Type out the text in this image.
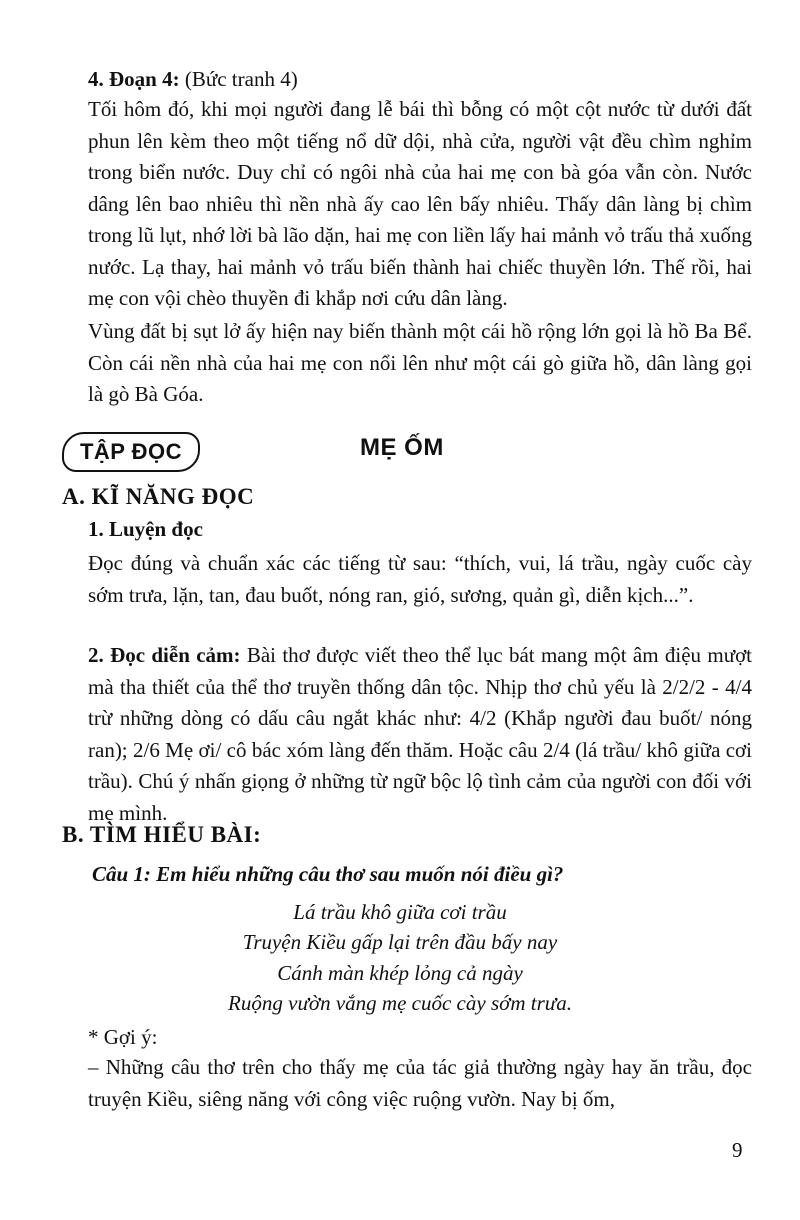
4. Đoạn 4: (Bức tranh 4)

Tối hôm đó, khi mọi người đang lễ bái thì bỗng có một cột nước từ dưới đất phun lên kèm theo một tiếng nổ dữ dội, nhà cửa, người vật đều chìm nghỉm trong biển nước. Duy chỉ có ngôi nhà của hai mẹ con bà góa vẫn còn. Nước dâng lên bao nhiêu thì nền nhà ấy cao lên bấy nhiêu. Thấy dân làng bị chìm trong lũ lụt, nhớ lời bà lão dặn, hai mẹ con liền lấy hai mảnh vỏ trấu thả xuống nước. Lạ thay, hai mảnh vỏ trấu biến thành hai chiếc thuyền lớn. Thế rồi, hai mẹ con vội chèo thuyền đi khắp nơi cứu dân làng.

Vùng đất bị sụt lở ấy hiện nay biến thành một cái hồ rộng lớn gọi là hồ Ba Bể. Còn cái nền nhà của hai mẹ con nổi lên như một cái gò giữa hồ, dân làng gọi là gò Bà Góa.

TẬP ĐỌC	MẸ ỐM
A. KĨ NĂNG ĐỌC
1. Luyện đọc

Đọc đúng và chuẩn xác các tiếng từ sau: “thích, vui, lá trầu, ngày cuốc cày sớm trưa, lặn, tan, đau buốt, nóng ran, gió, sương, quản gì, diễn kịch...”.

2. Đọc diễn cảm: Bài thơ được viết theo thể lục bát mang một âm điệu mượt mà tha thiết của thể thơ truyền thống dân tộc. Nhịp thơ chủ yếu là 2/2/2 - 4/4 trừ những dòng có dấu câu ngắt khác như: 4/2 (Khắp người đau buốt/ nóng ran); 2/6 Mẹ ơi/ cô bác xóm làng đến thăm. Hoặc câu 2/4 (lá trầu/ khô giữa cơi trầu). Chú ý nhấn giọng ở những từ ngữ bộc lộ tình cảm của người con đối với mẹ mình.

B. TÌM HIỂU BÀI:
Câu 1: Em hiểu những câu thơ sau muốn nói điều gì?
Lá trầu khô giữa cơi trầu
Truyện Kiều gấp lại trên đầu bấy nay
Cánh màn khép lỏng cả ngày
Ruộng vườn vắng mẹ cuốc cày sớm trưa.
* Gợi ý:

– Những câu thơ trên cho thấy mẹ của tác giả thường ngày hay ăn trầu, đọc truyện Kiều, siêng năng với công việc ruộng vườn. Nay bị ốm,

9
